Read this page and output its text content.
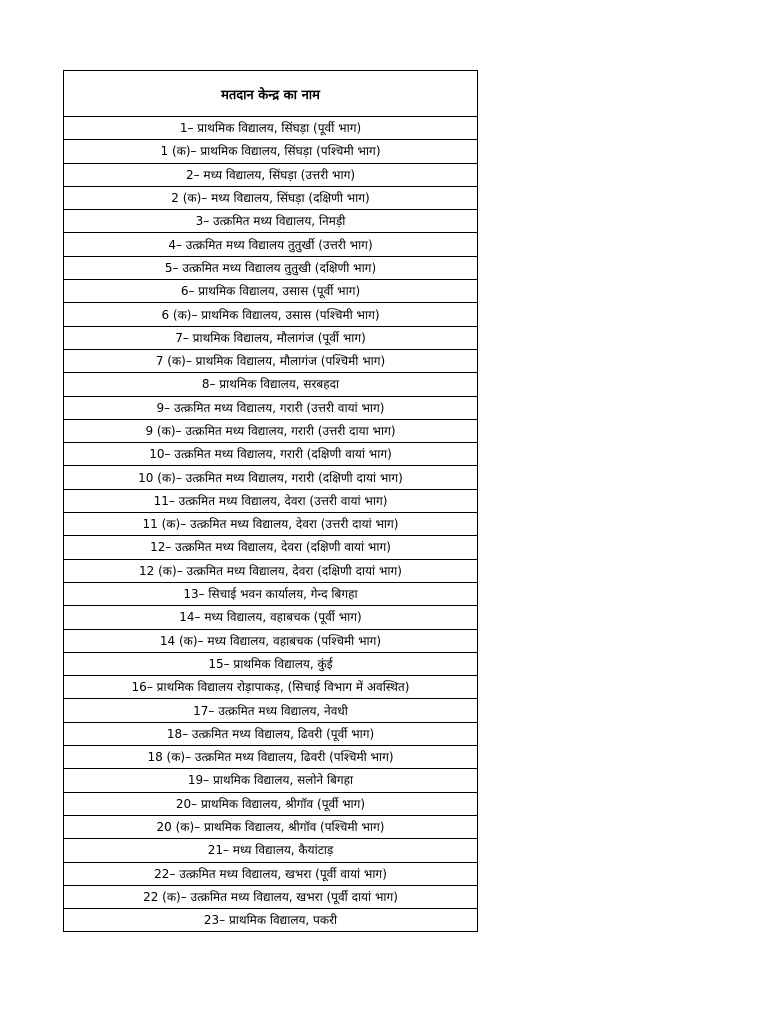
मतदान केन्द्र का नाम
1– प्राथमिक विद्यालय, सिंघड़ा (पूर्वी भाग)
1 (क)– प्राथमिक विद्यालय, सिंघड़ा (पश्चिमी भाग)
2– मध्य विद्यालय, सिंघड़ा (उत्तरी भाग)
2 (क)– मध्य विद्यालय, सिंघड़ा (दक्षिणी भाग)
3– उत्क्रमित मध्य विद्यालय, निमड़ी
4– उत्क्रमित मध्य विद्यालय तुतुर्खी (उत्तरी भाग)
5– उत्क्रमित मध्य विद्यालय तुतुखी (दक्षिणी भाग)
6– प्राथमिक विद्यालय, उसास (पूर्वी भाग)
6 (क)– प्राथमिक विद्यालय, उसास (पश्चिमी भाग)
7– प्राथमिक विद्यालय, मौलागंज (पूर्वी भाग)
7 (क)– प्राथमिक विद्यालय, मौलागंज (पश्चिमी भाग)
8– प्राथमिक विद्यालय, सरबहदा
9– उत्क्रमित मध्य विद्यालय, गरारी (उत्तरी वायां भाग)
9 (क)– उत्क्रमित मध्य विद्यालय, गरारी (उत्तरी दाया भाग)
10– उत्क्रमित मध्य विद्यालय, गरारी (दक्षिणी वायां भाग)
10 (क)– उत्क्रमित मध्य विद्यालय, गरारी (दक्षिणी दायां भाग)
11– उत्क्रमित मध्य विद्यालय, देवरा (उत्तरी वायां भाग)
11 (क)– उत्क्रमित मध्य विद्यालय, देवरा (उत्तरी दायां भाग)
12– उत्क्रमित मध्य विद्यालय, देवरा (दक्षिणी वायां भाग)
12 (क)– उत्क्रमित मध्य विद्यालय, देवरा (दक्षिणी दायां भाग)
13– सिचाई भवन कार्यालय, गेन्द बिगहा
14– मध्य विद्यालय, वहाबचक (पूर्वी भाग)
14 (क)– मध्य विद्यालय, वहाबचक (पश्चिमी भाग)
15– प्राथमिक विद्यालय, कुंई
16– प्राथमिक विद्यालय रोड़ापाकड़, (सिचाई विभाग में अवस्थित)
17– उत्क्रमित मध्य विद्यालय, नेवधी
18– उत्क्रमित मध्य विद्यालय, ढिवरी (पूर्वी भाग)
18 (क)– उत्क्रमित मध्य विद्यालय, ढिवरी (पश्चिमी भाग)
19– प्राथमिक विद्यालय, सलोने बिगहा
20– प्राथमिक विद्यालय, श्रीगॉव (पूर्वी भाग)
20 (क)– प्राथमिक विद्यालय, श्रीगॉव (पश्चिमी भाग)
21– मध्य विद्यालय, कैयांटाड़
22– उत्क्रमित मध्य विद्यालय, खभरा (पूर्वी वायां भाग)
22 (क)– उत्क्रमित मध्य विद्यालय, खभरा (पूर्वी दायां भाग)
23– प्राथमिक विद्यालय, पकरी
